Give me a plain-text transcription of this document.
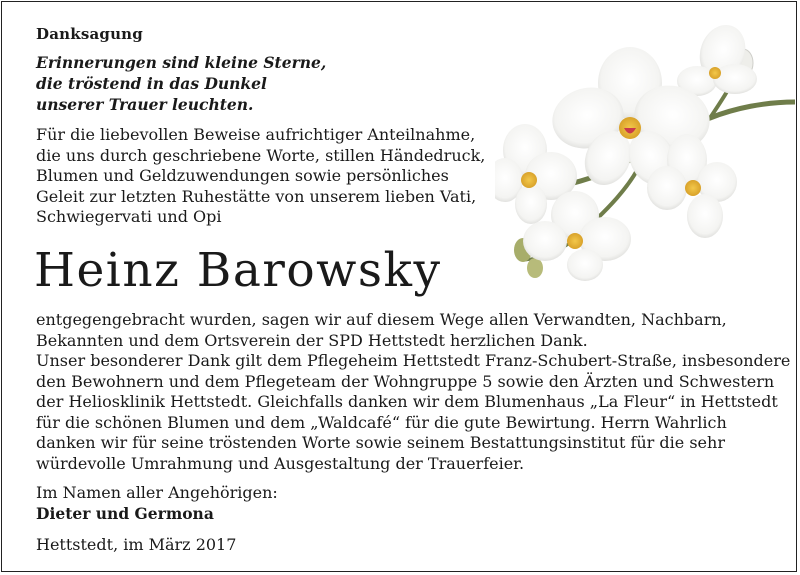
Danksagung
Erinnerungen sind kleine Sterne,
die tröstend in das Dunkel
unserer Trauer leuchten.
Für die liebevollen Beweise aufrichtiger Anteilnahme,
die uns durch geschriebene Worte, stillen Händedruck,
Blumen und Geldzuwendungen sowie persönliches
Geleit zur letzten Ruhestätte von unserem lieben Vati,
Schwiegervati und Opi
Heinz Barowsky
entgegengebracht wurden, sagen wir auf diesem Wege allen Verwandten, Nachbarn,
Bekannten und dem Ortsverein der SPD Hettstedt herzlichen Dank.
Unser besonderer Dank gilt dem Pflegeheim Hettstedt Franz-Schubert-Straße, insbesondere
den Bewohnern und dem Pflegeteam der Wohngruppe 5 sowie den Ärzten und Schwestern
der Heliosklinik Hettstedt. Gleichfalls danken wir dem Blumenhaus „La Fleur“ in Hettstedt
für die schönen Blumen und dem „Waldcafé“ für die gute Bewirtung. Herrn Wahrlich
danken wir für seine tröstenden Worte sowie seinem Bestattungsinstitut für die sehr
würdevolle Umrahmung und Ausgestaltung der Trauerfeier.
Im Namen aller Angehörigen:
Dieter und Germona
Hettstedt, im März 2017
